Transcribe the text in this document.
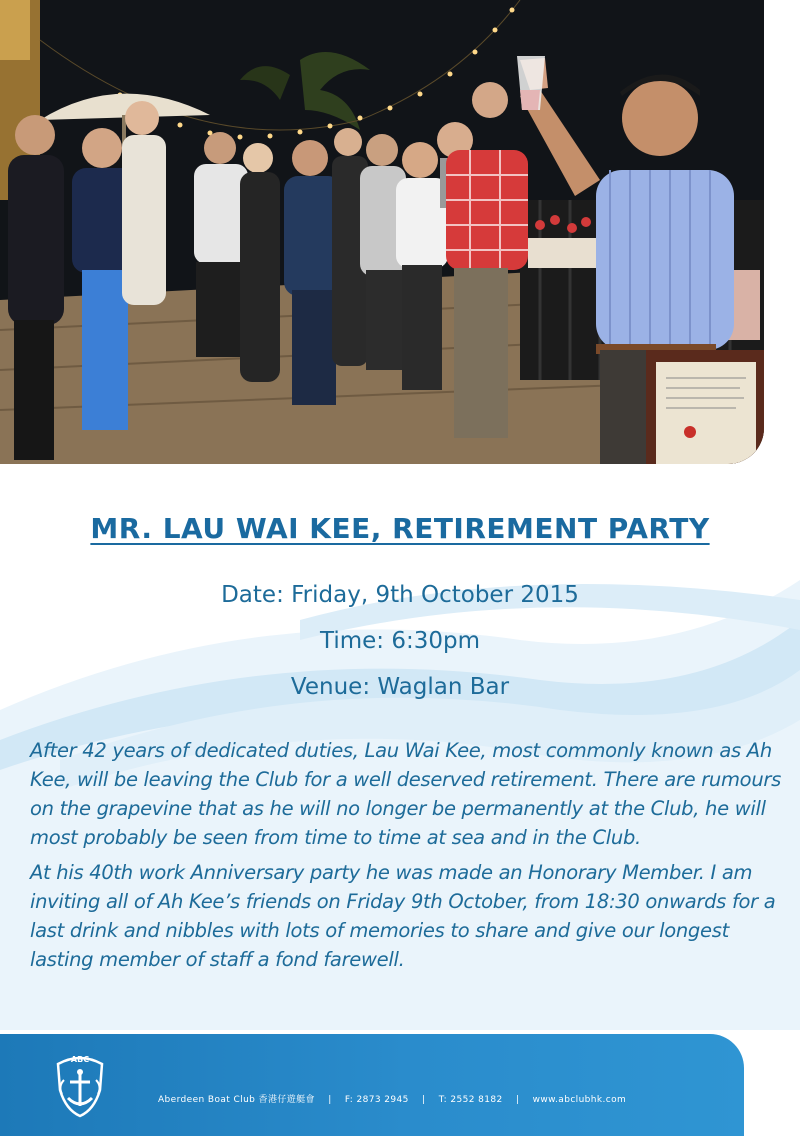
MR. LAU WAI KEE, RETIREMENT PARTY
Date: Friday, 9th October 2015
Time: 6:30pm
Venue: Waglan Bar

After 42 years of dedicated duties, Lau Wai Kee, most commonly known as Ah Kee, will be leaving the Club for a well deserved retirement. There are rumours on the grapevine that as he will no longer be permanently at the Club, he will most probably be seen from time to time at sea and in the Club.

At his 40th work Anniversary party he was made an Honorary Member. I am inviting all of Ah Kee’s friends on Friday 9th October, from 18:30 onwards for a last drink and nibbles with lots of memories to share and give our longest lasting member of staff a fond farewell.

ABC
Aberdeen Boat Club 香港仔遊艇會 | F: 2873 2945 | T: 2552 8182 | www.abclubhk.com
